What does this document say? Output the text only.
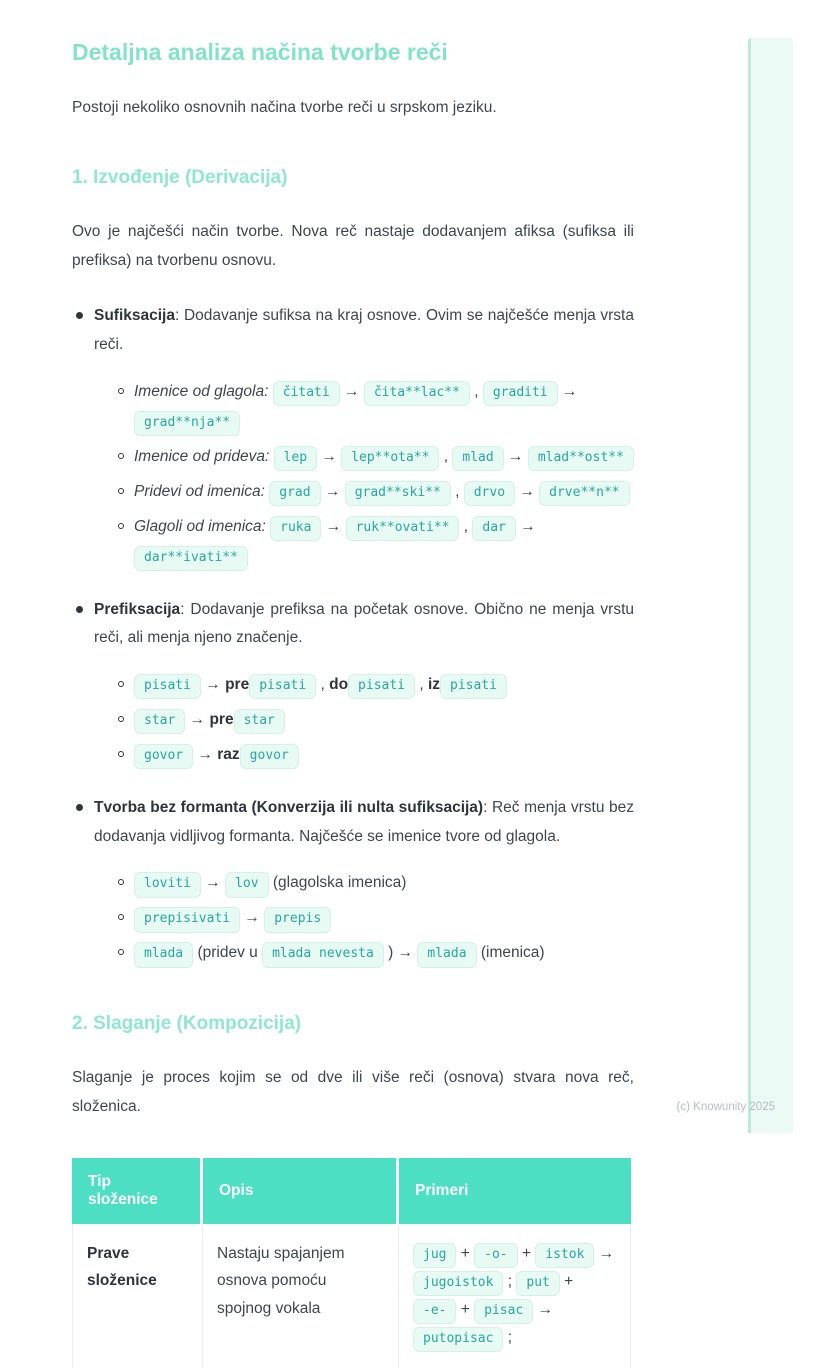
Detaljna analiza načina tvorbe reči

Postoji nekoliko osnovnih načina tvorbe reči u srpskom jeziku.

1. Izvođenje (Derivacija)

Ovo je najčešći način tvorbe. Nova reč nastaje dodavanjem afiksa (sufiksa ili prefiksa) na tvorbenu osnovu.

Sufiksacija: Dodavanje sufiksa na kraj osnove. Ovim se najčešće menja vrsta reči.
Imenice od glagola: čitati → čita**lac** , graditi →
grad**nja**
Imenice od prideva: lep → lep**ota** , mlad → mlad**ost**
Pridevi od imenica: grad → grad**ski** , drvo → drve**n**
Glagoli od imenica: ruka → ruk**ovati** , dar → dar**ivati**
Prefiksacija: Dodavanje prefiksa na početak osnove. Obično ne menja vrstu reči, ali menja njeno značenje.
pisati → pre pisati , do pisati , iz pisati
star → pre star
govor → raz govor
Tvorba bez formanta (Konverzija ili nulta sufiksacija): Reč menja vrstu bez dodavanja vidljivog formanta. Najčešće se imenice tvore od glagola.
loviti → lov (glagolska imenica)
prepisivati → prepis
mlada (pridev u mlada nevesta ) → mlada (imenica)
2. Slaganje (Kompozicija)

Slaganje je proces kojim se od dve ili više reči (osnova) stvara nova reč, složenica.

Tip složenice	Opis	Primeri
Prave složenice	Nastaju spajanjem osnova pomoću spojnog vokala	jug + -o- + istok → jugoistok ; put + -e- + pisac → putopisac ;
(c) Knowunity 2025
